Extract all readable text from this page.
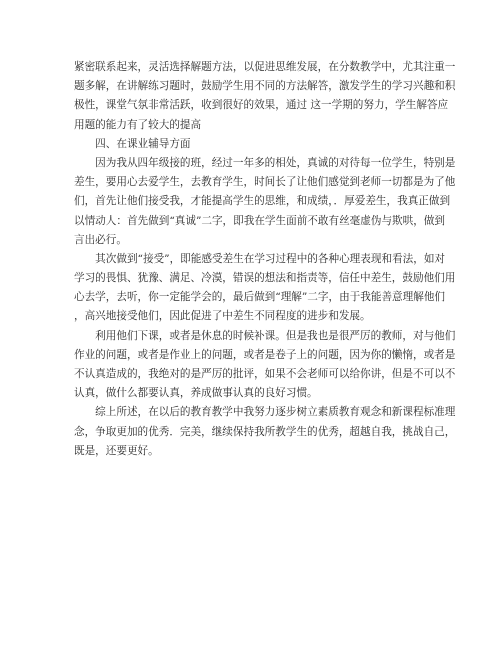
紧密联系起来，灵活选择解题方法，以促进思维发展，在分数教学中，尤其注重一
题多解，在讲解练习题时，鼓励学生用不同的方法解答，激发学生的学习兴趣和积
极性，课堂气氛非常活跃，收到很好的效果，通过 这一学期的努力，学生解答应
用题的能力有了较大的提高
　　四、在课业辅导方面
　　因为我从四年级接的班，经过一年多的相处，真诚的对待每一位学生，特别是
差生，要用心去爱学生，去教育学生，时间长了让他们感觉到老师一切都是为了他
们，首先让他们接受我，才能提高学生的思维，和成绩，．厚爱差生，我真正做到
以情动人：首先做到“真诚”二字，即我在学生面前不敢有丝毫虚伪与欺哄，做到
言出必行。
　　其次做到“接受”，即能感受差生在学习过程中的各种心理表现和看法，如对
学习的畏惧、犹豫、满足、冷漠，错误的想法和指责等，信任中差生，鼓励他们用
心去学，去听，你一定能学会的，最后做到“理解”二字，由于我能善意理解他们
，高兴地接受他们，因此促进了中差生不同程度的进步和发展。
　　利用他们下课，或者是休息的时候补课。但是我也是很严厉的教师，对与他们
作业的问题，或者是作业上的问题，或者是卷子上的问题，因为你的懒惰，或者是
不认真造成的，我绝对的是严厉的批评，如果不会老师可以给你讲，但是不可以不
认真，做什么都要认真，养成做事认真的良好习惯。
　　综上所述，在以后的教育教学中我努力逐步树立素质教育观念和新课程标准理
念，争取更加的优秀．完美，继续保持我所教学生的优秀，超越自我，挑战自己，
既是，还要更好。
